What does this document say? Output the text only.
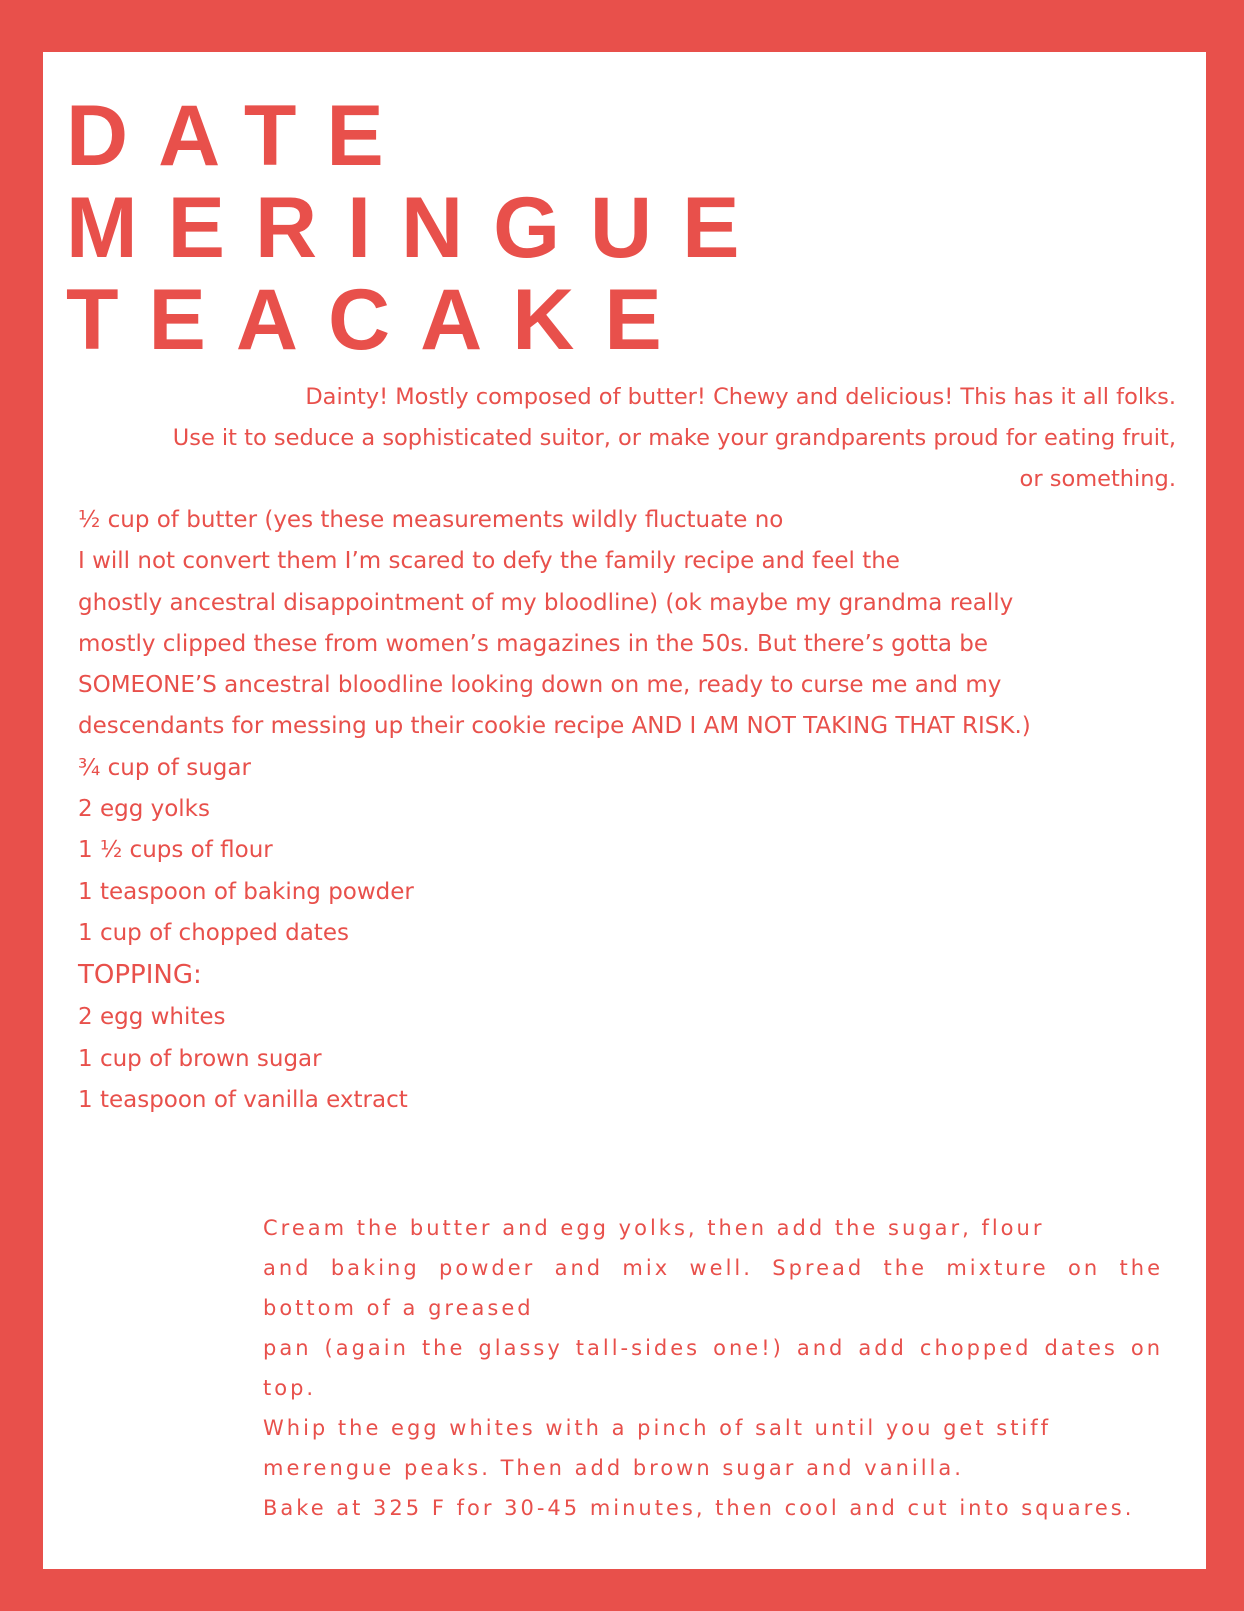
DATE
MERINGUE
TEACAKE
Dainty! Mostly composed of butter! Chewy and delicious! This has it all folks.
Use it to seduce a sophisticated suitor, or make your grandparents proud for eating fruit,
or something.
½ cup of butter (yes these measurements wildly fluctuate no
I will not convert them I’m scared to defy the family recipe and feel the
ghostly ancestral disappointment of my bloodline) (ok maybe my grandma really
mostly clipped these from women’s magazines in the 50s. But there’s gotta be
SOMEONE’S ancestral bloodline looking down on me, ready to curse me and my
descendants for messing up their cookie recipe AND I AM NOT TAKING THAT RISK.)
¾ cup of sugar
2 egg yolks
1 ½ cups of flour
1 teaspoon of baking powder
1 cup of chopped dates
TOPPING:
2 egg whites
1 cup of brown sugar
1 teaspoon of vanilla extract
Cream the butter and egg yolks, then add the sugar, flour
and baking powder and mix well. Spread the mixture on the bottom of a greased
pan (again the glassy tall-sides one!) and add chopped dates on top.
Whip the egg whites with a pinch of salt until you get stiff
merengue peaks. Then add brown sugar and vanilla.
Bake at 325 F for 30-45 minutes, then cool and cut into squares.
